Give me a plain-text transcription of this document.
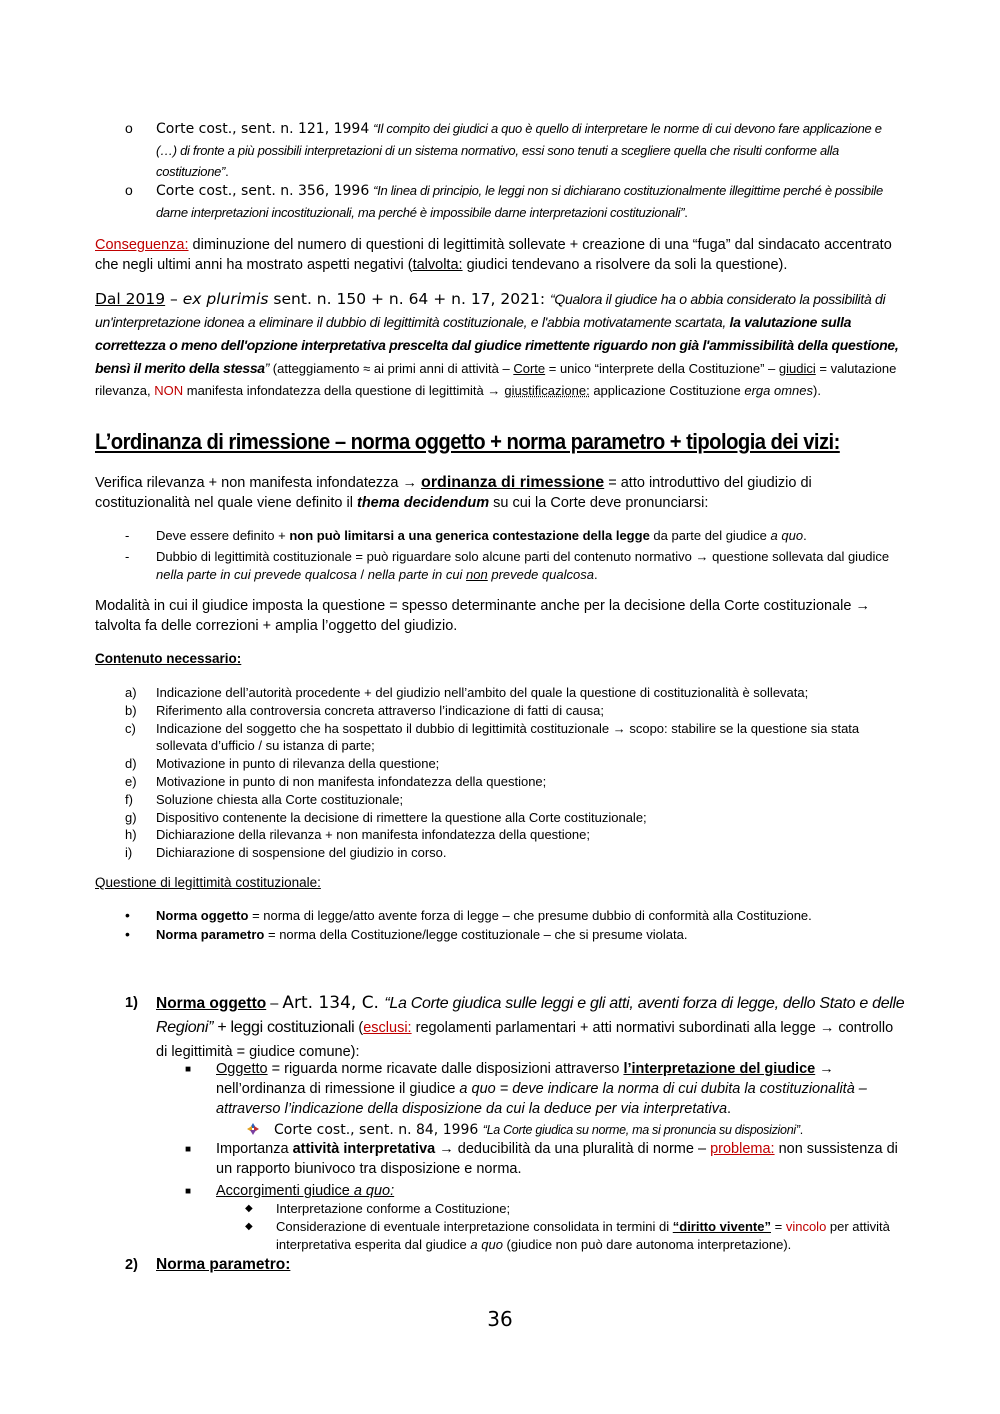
o Corte cost., sent. n. 121, 1994 “Il compito dei giudici a quo è quello di interpretare le norme di cui devono fare applicazione e (…) di fronte a più possibili interpretazioni di un sistema normativo, essi sono tenuti a scegliere quella che risulti conforme alla costituzione”.
o Corte cost., sent. n. 356, 1996 “In linea di principio, le leggi non si dichiarano costituzionalmente illegittime perché è possibile darne interpretazioni incostituzionali, ma perché è impossibile darne interpretazioni costituzionali”.
Conseguenza: diminuzione del numero di questioni di legittimità sollevate + creazione di una “fuga” dal sindacato accentrato che negli ultimi anni ha mostrato aspetti negativi (talvolta: giudici tendevano a risolvere da soli la questione).
Dal 2019 – ex plurimis sent. n. 150 + n. 64 + n. 17, 2021: “Qualora il giudice ha o abbia considerato la possibilità di un'interpretazione idonea a eliminare il dubbio di legittimità costituzionale, e l'abbia motivatamente scartata, la valutazione sulla correttezza o meno dell'opzione interpretativa prescelta dal giudice rimettente riguardo non già l'ammissibilità della questione, bensì il merito della stessa” (atteggiamento ≈ ai primi anni di attività – Corte = unico “interprete della Costituzione” – giudici = valutazione rilevanza, NON manifesta infondatezza della questione di legittimità → giustificazione: applicazione Costituzione erga omnes).
L’ordinanza di rimessione – norma oggetto + norma parametro + tipologia dei vizi:
Verifica rilevanza + non manifesta infondatezza → ordinanza di rimessione = atto introduttivo del giudizio di costituzionalità nel quale viene definito il thema decidendum su cui la Corte deve pronunciarsi:
- Deve essere definito + non può limitarsi a una generica contestazione della legge da parte del giudice a quo.
- Dubbio di legittimità costituzionale = può riguardare solo alcune parti del contenuto normativo → questione sollevata dal giudice nella parte in cui prevede qualcosa / nella parte in cui non prevede qualcosa.
Modalità in cui il giudice imposta la questione = spesso determinante anche per la decisione della Corte costituzionale → talvolta fa delle correzioni + amplia l’oggetto del giudizio.
Contenuto necessario:
a) Indicazione dell’autorità procedente + del giudizio nell’ambito del quale la questione di costituzionalità è sollevata;
b) Riferimento alla controversia concreta attraverso l’indicazione di fatti di causa;
c) Indicazione del soggetto che ha sospettato il dubbio di legittimità costituzionale → scopo: stabilire se la questione sia stata sollevata d’ufficio / su istanza di parte;
d) Motivazione in punto di rilevanza della questione;
e) Motivazione in punto di non manifesta infondatezza della questione;
f) Soluzione chiesta alla Corte costituzionale;
g) Dispositivo contenente la decisione di rimettere la questione alla Corte costituzionale;
h) Dichiarazione della rilevanza + non manifesta infondatezza della questione;
i) Dichiarazione di sospensione del giudizio in corso.
Questione di legittimità costituzionale:
• Norma oggetto = norma di legge/atto avente forza di legge – che presume dubbio di conformità alla Costituzione.
• Norma parametro = norma della Costituzione/legge costituzionale – che si presume violata.
1) Norma oggetto – Art. 134, C. “La Corte giudica sulle leggi e gli atti, aventi forza di legge, dello Stato e delle Regioni” + leggi costituzionali (esclusi: regolamenti parlamentari + atti normativi subordinati alla legge → controllo di legittimità = giudice comune):
■ Oggetto = riguarda norme ricavate dalle disposizioni attraverso l’interpretazione del giudice → nell’ordinanza di rimessione il giudice a quo = deve indicare la norma di cui dubita la costituzionalità – attraverso l’indicazione della disposizione da cui la deduce per via interpretativa.
Corte cost., sent. n. 84, 1996 “La Corte giudica su norme, ma si pronuncia su disposizioni”.
■ Importanza attività interpretativa → deducibilità da una pluralità di norme – problema: non sussistenza di un rapporto biunivoco tra disposizione e norma.
■ Accorgimenti giudice a quo:
◆ Interpretazione conforme a Costituzione;
◆ Considerazione di eventuale interpretazione consolidata in termini di “diritto vivente” = vincolo per attività interpretativa esperita dal giudice a quo (giudice non può dare autonoma interpretazione).
2) Norma parametro:
36
